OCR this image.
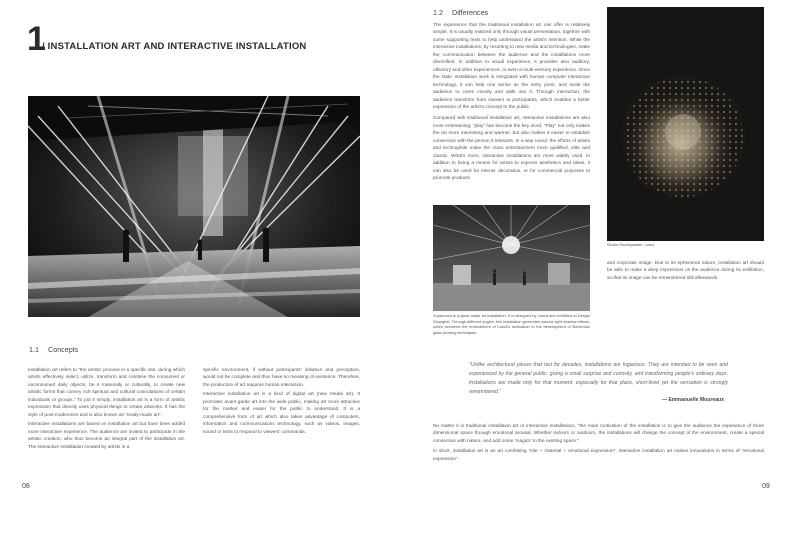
1
/ INSTALLATION ART AND INTERACTIVE INSTALLATION
1.1 Concepts

Installation art refers to "the artistic process in a specific site, during which artists effectively select, utilize, transform and combine the consumed or unconsumed daily objects, be it materially or culturally, to create new artistic forms that convey rich spiritual and cultural connotations of certain individuals or groups." To put it simply, installation art is a form of artistic expression that directly uses physical things to create artworks. It has the style of post-modernism and is also known as "ready-made art".

Interactive installations are based on installation art but have been added more interactive experience. The audience are invited to participate in the artistic creation, who thus become an integral part of the installation art. The interactive installation created by artists in a

specific environment, if without participants' initiation and perception, would not be complete and thus have no meaning of existence. Therefore, the production of art requires human interaction.

Interactive installation art is a kind of digital art (new media art). It promotes avant-garde art into the wide public, making art more attractive for the market and easier for the public to understand. It is a comprehensive form of art which also takes advantage of computers, information and communications technology, such as videos, images, sound or texts to respond to viewers' commands.

08
1.2 Differences

The experience that the traditional installation art can offer is relatively simple. It is usually realized only through visual presentation, together with some supporting texts to help understand the artist's intention. While the interactive installations, by resorting to new media and technologies, make the communication between the audience and the installations more diversified. In addition to visual experience, it provides also auditory, olfactory and other experiences, or even a multi-sensory experience. Once the static installation work is integrated with human computer interaction technology, it can help one sense as the entry point, and invite the audience to come closely and walk into it. Through interaction, the audience transform from viewers to participants, which enables a better expression of the artist's concept to the public.

Compared with traditional installation art, interactive installations are also more entertaining; "play" has become the key word. "Play" not only makes the art more interesting and warmer, but also makes it easier to establish connection with the person it interacts. In a way round, the efforts of artists and technophile make the mass entertainment more qualified, elite and classic. What's more, interactive installations are more widely used. In addition to being a means for artists to express aesthetics and ideas, it can also be used for interior decoration, or for commercial purposes to promote products

Studio Roosegaarde: Lotus

and corporate image. Due to its ephemeral nature, installation art should be able to make a deep impression on the audience during its exhibition, so that its image can be remembered still afterwards.

Supernova is a glass made art installation. It is designed by Lasvit and exhibited at Design Shanghai. Through different angles, this installation generates various light shadow effects, which becomes the embodiment of Lasvit's dedication to the development of Bohemian glass blowing techniques.
"Unlike architectural pieces that last for decades, installations are fugacious. They are intended to be seen and experienced by the general public, giving a small surprise and curiosity, and transforming people's ordinary days. Installations are made only for that moment, especially for that place, short-lived yet the sensation is strongly remembered."
— Emmanuelle Moureaux

No matter it is traditional installation art or interactive installations, "the main motivation of the installation is to give the audience the experience of three dimensional space through emotional arousal. Whether indoors or outdoors, the installations will change the concept of the environment, create a special connection with nature, and add some 'magics' to the existing space."

In short, installation art is an art combining "site + material + emotional expression"; interactive installation art makes innovations in terms of "emotional expression".

09
